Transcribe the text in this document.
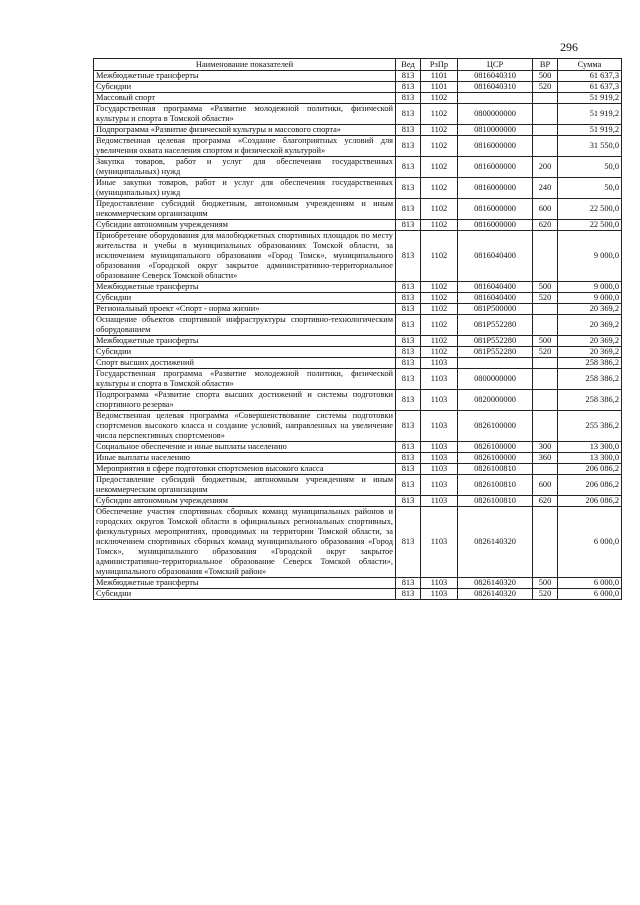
296
Наименование показателей	Вед	РзПр	ЦСР	ВР	Сумма
Межбюджетные трансферты	813	1101	0816040310	500	61 637,3
Субсидии	813	1101	0816040310	520	61 637,3
Массовый спорт	813	1102			51 919,2
Государственная программа «Развитие молодежной политики, физической культуры и спорта в Томской области»	813	1102	0800000000		51 919,2
Подпрограмма «Развитие физической культуры и массового спорта»	813	1102	0810000000		51 919,2
Ведомственная целевая программа «Создание благоприятных условий для увеличения охвата населения спортом и физической культурой»	813	1102	0816000000		31 550,0
Закупка товаров, работ и услуг для обеспечения государственных (муниципальных) нужд	813	1102	0816000000	200	50,0
Иные закупки товаров, работ и услуг для обеспечения государственных (муниципальных) нужд	813	1102	0816000000	240	50,0
Предоставление субсидий бюджетным, автономным учреждениям и иным некоммерческим организациям	813	1102	0816000000	600	22 500,0
Субсидии автономным учреждениям	813	1102	0816000000	620	22 500,0
Приобретение оборудования для малобюджетных спортивных площадок по месту жительства и учебы в муниципальных образованиях Томской области, за исключением муниципального образования «Город Томск», муниципального образования «Городской округ закрытое административно-территориальное образование Северск Томской области»	813	1102	0816040400		9 000,0
Межбюджетные трансферты	813	1102	0816040400	500	9 000,0
Субсидии	813	1102	0816040400	520	9 000,0
Региональный проект «Спорт - норма жизни»	813	1102	081P500000		20 369,2
Оснащение объектов спортивной инфраструктуры спортивно-технологическим оборудованием	813	1102	081P552280		20 369,2
Межбюджетные трансферты	813	1102	081P552280	500	20 369,2
Субсидии	813	1102	081P552280	520	20 369,2
Спорт высших достижений	813	1103			258 386,2
Государственная программа «Развитие молодежной политики, физической культуры и спорта в Томской области»	813	1103	0800000000		258 386,2
Подпрограмма «Развитие спорта высших достижений и системы подготовки спортивного резерва»	813	1103	0820000000		258 386,2
Ведомственная целевая программа «Совершенствование системы подготовки спортсменов высокого класса и создание условий, направленных на увеличение числа перспективных спортсменов»	813	1103	0826100000		255 386,2
Социальное обеспечение и иные выплаты населению	813	1103	0826100000	300	13 300,0
Иные выплаты населению	813	1103	0826100000	360	13 300,0
Мероприятия в сфере подготовки спортсменов высокого класса	813	1103	0826100810		206 086,2
Предоставление субсидий бюджетным, автономным учреждениям и иным некоммерческим организациям	813	1103	0826100810	600	206 086,2
Субсидии автономным учреждениям	813	1103	0826100810	620	206 086,2
Обеспечение участия спортивных сборных команд муниципальных районов и городских округов Томской области в официальных региональных спортивных, физкультурных мероприятиях, проводимых на территории Томской области, за исключением спортивных сборных команд муниципального образования «Город Томск», муниципального образования «Городской округ закрытое административно-территориальное образование Северск Томской области», муниципального образования «Томский район»	813	1103	0826140320		6 000,0
Межбюджетные трансферты	813	1103	0826140320	500	6 000,0
Субсидии	813	1103	0826140320	520	6 000,0
